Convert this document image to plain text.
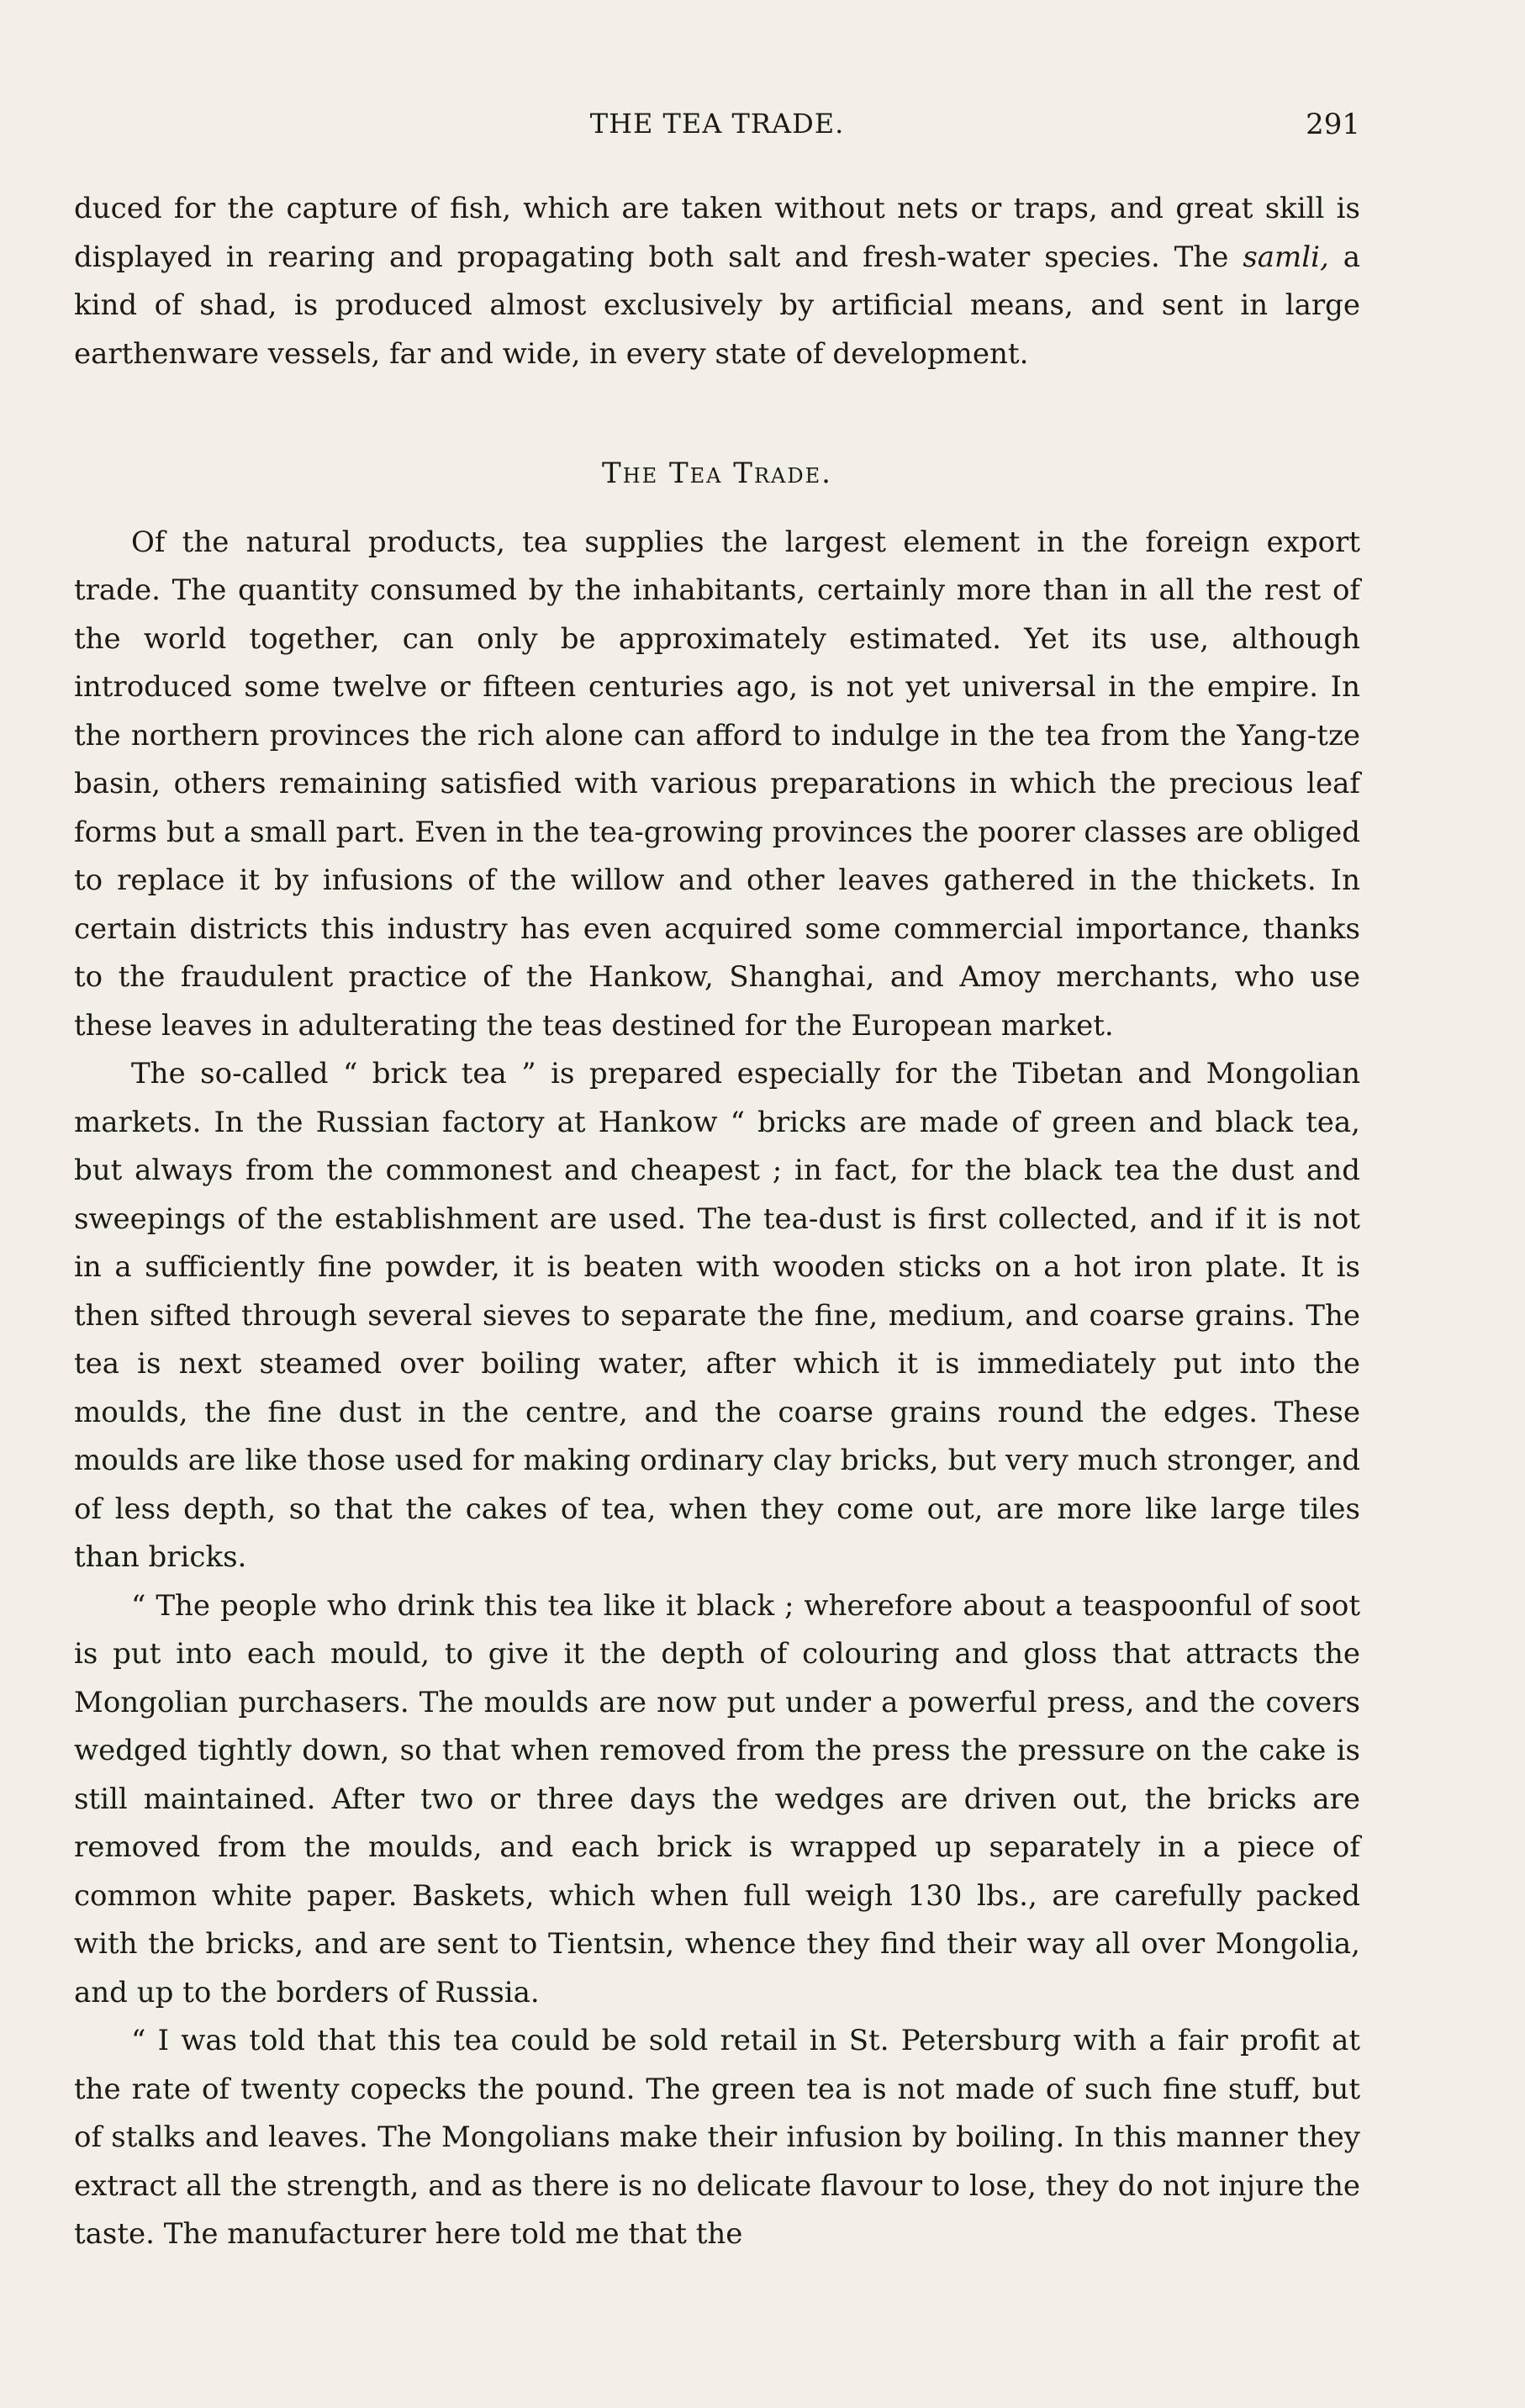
THE TEA TRADE.	291

duced for the capture of fish, which are taken without nets or traps, and great skill is displayed in rearing and propagating both salt and fresh-water species. The samli, a kind of shad, is produced almost exclusively by artificial means, and sent in large earthenware vessels, far and wide, in every state of development.

The Tea Trade.

Of the natural products, tea supplies the largest element in the foreign export trade. The quantity consumed by the inhabitants, certainly more than in all the rest of the world together, can only be approximately estimated. Yet its use, although introduced some twelve or fifteen centuries ago, is not yet universal in the empire. In the northern provinces the rich alone can afford to indulge in the tea from the Yang-tze basin, others remaining satisfied with various preparations in which the precious leaf forms but a small part. Even in the tea-growing provinces the poorer classes are obliged to replace it by infusions of the willow and other leaves gathered in the thickets. In certain districts this industry has even acquired some commercial importance, thanks to the fraudulent practice of the Hankow, Shanghai, and Amoy merchants, who use these leaves in adulterating the teas destined for the European market.

The so-called “ brick tea ” is prepared especially for the Tibetan and Mongolian markets. In the Russian factory at Hankow “ bricks are made of green and black tea, but always from the commonest and cheapest ; in fact, for the black tea the dust and sweepings of the establishment are used. The tea-dust is first collected, and if it is not in a sufficiently fine powder, it is beaten with wooden sticks on a hot iron plate. It is then sifted through several sieves to separate the fine, medium, and coarse grains. The tea is next steamed over boiling water, after which it is immediately put into the moulds, the fine dust in the centre, and the coarse grains round the edges. These moulds are like those used for making ordinary clay bricks, but very much stronger, and of less depth, so that the cakes of tea, when they come out, are more like large tiles than bricks.

“ The people who drink this tea like it black ; wherefore about a teaspoonful of soot is put into each mould, to give it the depth of colouring and gloss that attracts the Mongolian purchasers. The moulds are now put under a powerful press, and the covers wedged tightly down, so that when removed from the press the pressure on the cake is still maintained. After two or three days the wedges are driven out, the bricks are removed from the moulds, and each brick is wrapped up separately in a piece of common white paper. Baskets, which when full weigh 130 lbs., are carefully packed with the bricks, and are sent to Tientsin, whence they find their way all over Mongolia, and up to the borders of Russia.

“ I was told that this tea could be sold retail in St. Petersburg with a fair profit at the rate of twenty copecks the pound. The green tea is not made of such fine stuff, but of stalks and leaves. The Mongolians make their infusion by boiling. In this manner they extract all the strength, and as there is no delicate flavour to lose, they do not injure the taste. The manufacturer here told me that the
